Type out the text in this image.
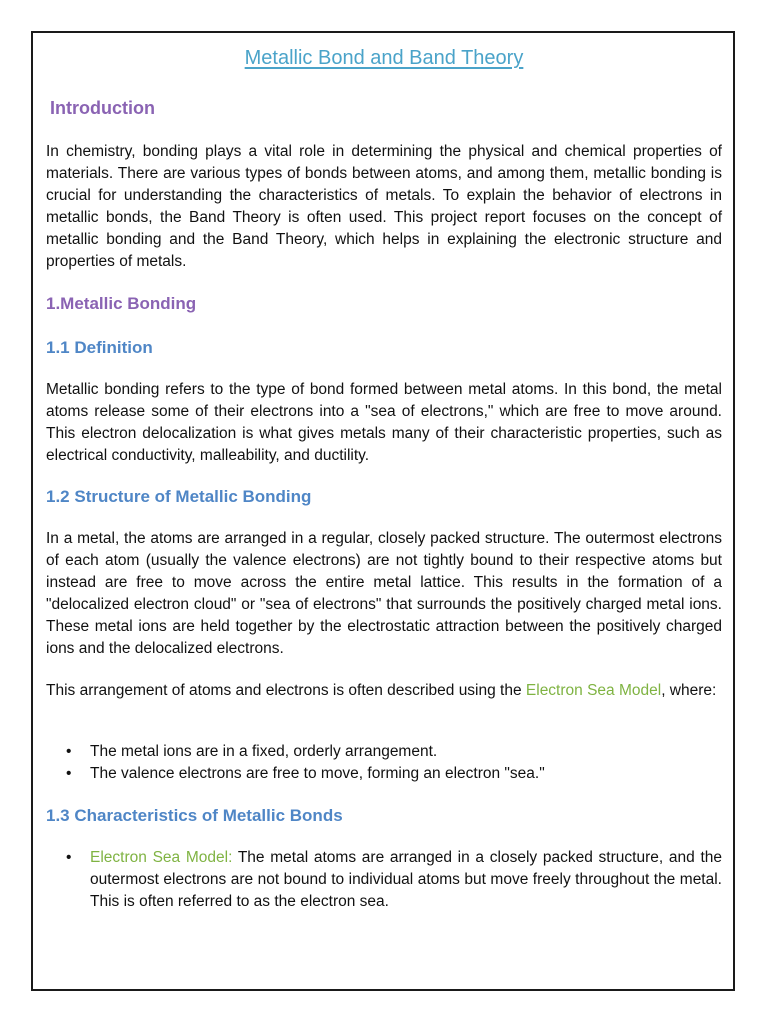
Metallic Bond and Band Theory
Introduction

In chemistry, bonding plays a vital role in determining the physical and chemical properties of materials. There are various types of bonds between atoms, and among them, metallic bonding is crucial for understanding the characteristics of metals. To explain the behavior of electrons in metallic bonds, the Band Theory is often used. This project report focuses on the concept of metallic bonding and the Band Theory, which helps in explaining the electronic structure and properties of metals.

1.Metallic Bonding
1.1 Definition

Metallic bonding refers to the type of bond formed between metal atoms. In this bond, the metal atoms release some of their electrons into a "sea of electrons," which are free to move around. This electron delocalization is what gives metals many of their characteristic properties, such as electrical conductivity, malleability, and ductility.

1.2 Structure of Metallic Bonding

In a metal, the atoms are arranged in a regular, closely packed structure. The outermost electrons of each atom (usually the valence electrons) are not tightly bound to their respective atoms but instead are free to move across the entire metal lattice. This results in the formation of a "delocalized electron cloud" or "sea of electrons" that surrounds the positively charged metal ions. These metal ions are held together by the electrostatic attraction between the positively charged ions and the delocalized electrons.

This arrangement of atoms and electrons is often described using the Electron Sea Model, where:

• The metal ions are in a fixed, orderly arrangement.
• The valence electrons are free to move, forming an electron "sea."
1.3 Characteristics of Metallic Bonds
• Electron Sea Model: The metal atoms are arranged in a closely packed structure, and the outermost electrons are not bound to individual atoms but move freely throughout the metal. This is often referred to as the electron sea.
